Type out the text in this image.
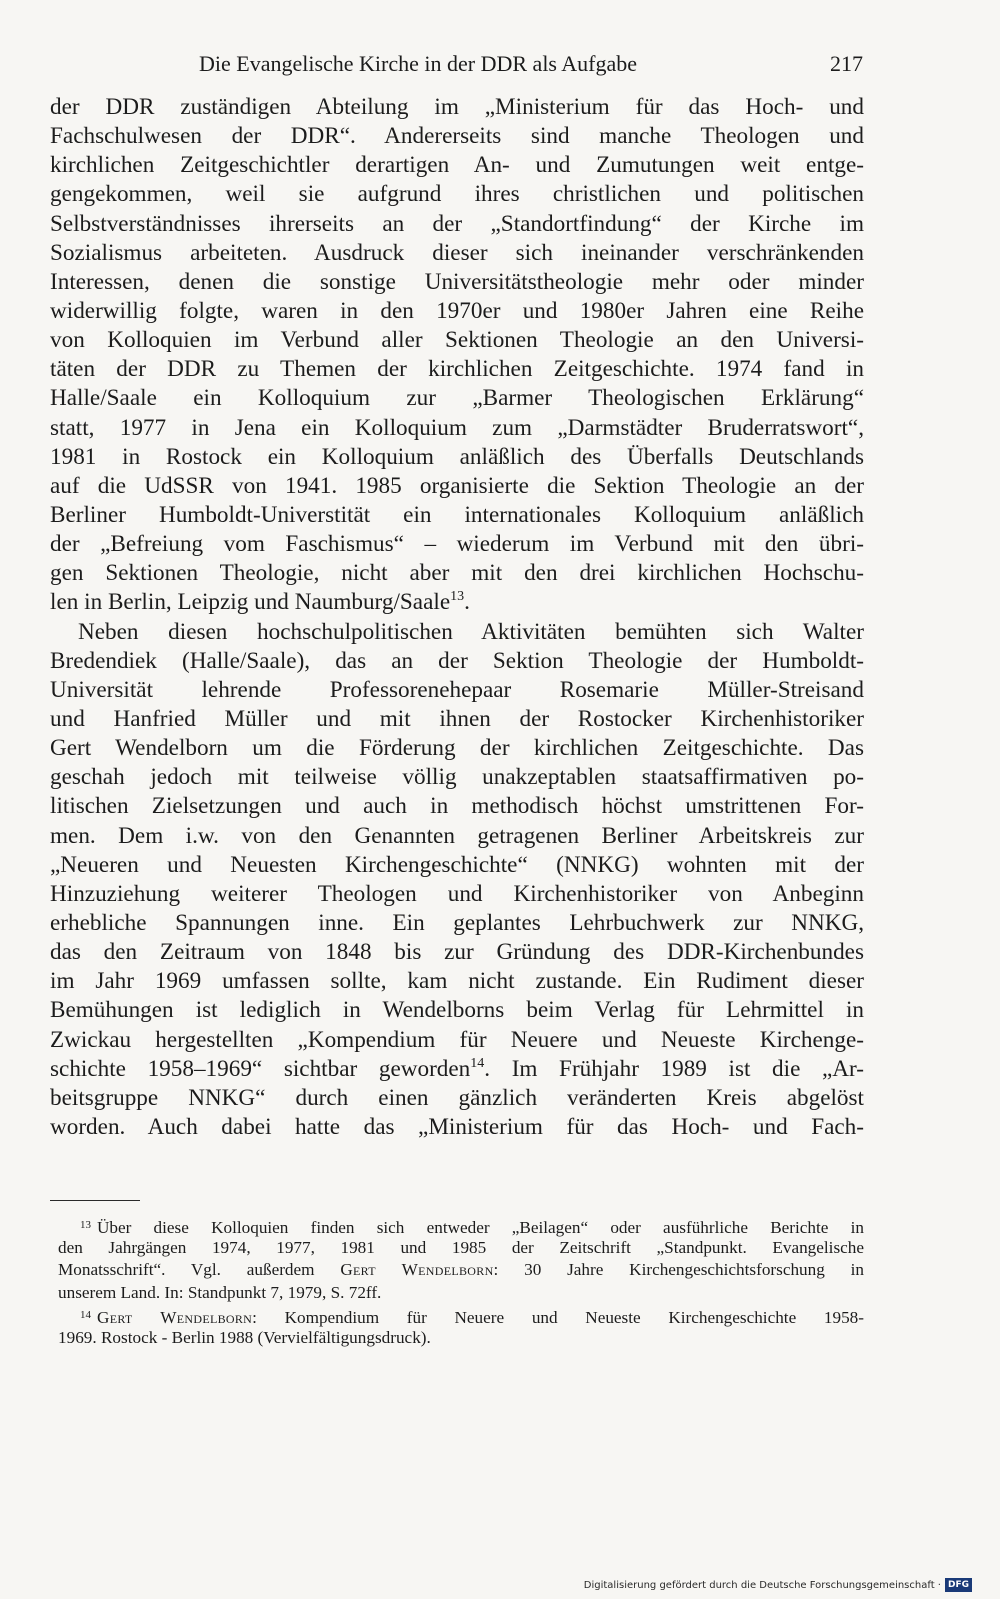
Die Evangelische Kirche in der DDR als Aufgabe	217
der DDR zuständigen Abteilung im „Ministerium für das Hoch- und
Fachschulwesen der DDR“. Andererseits sind manche Theologen und
kirchlichen Zeitgeschichtler derartigen An- und Zumutungen weit entge-
gengekommen, weil sie aufgrund ihres christlichen und politischen
Selbstverständnisses ihrerseits an der „Standortfindung“ der Kirche im
Sozialismus arbeiteten. Ausdruck dieser sich ineinander verschränkenden
Interessen, denen die sonstige Universitätstheologie mehr oder minder
widerwillig folgte, waren in den 1970er und 1980er Jahren eine Reihe
von Kolloquien im Verbund aller Sektionen Theologie an den Universi-
täten der DDR zu Themen der kirchlichen Zeitgeschichte. 1974 fand in
Halle/Saale ein Kolloquium zur „Barmer Theologischen Erklärung“
statt, 1977 in Jena ein Kolloquium zum „Darmstädter Bruderratswort“,
1981 in Rostock ein Kolloquium anläßlich des Überfalls Deutschlands
auf die UdSSR von 1941. 1985 organisierte die Sektion Theologie an der
Berliner Humboldt-Universtität ein internationales Kolloquium anläßlich
der „Befreiung vom Faschismus“ – wiederum im Verbund mit den übri-
gen Sektionen Theologie, nicht aber mit den drei kirchlichen Hochschu-
len in Berlin, Leipzig und Naumburg/Saale$^{13}$.
Neben diesen hochschulpolitischen Aktivitäten bemühten sich Walter
Bredendiek (Halle/Saale), das an der Sektion Theologie der Humboldt-
Universität lehrende Professorenehepaar Rosemarie Müller-Streisand
und Hanfried Müller und mit ihnen der Rostocker Kirchenhistoriker
Gert Wendelborn um die Förderung der kirchlichen Zeitgeschichte. Das
geschah jedoch mit teilweise völlig unakzeptablen staatsaffirmativen po-
litischen Zielsetzungen und auch in methodisch höchst umstrittenen For-
men. Dem i.w. von den Genannten getragenen Berliner Arbeitskreis zur
„Neueren und Neuesten Kirchengeschichte“ (NNKG) wohnten mit der
Hinzuziehung weiterer Theologen und Kirchenhistoriker von Anbeginn
erhebliche Spannungen inne. Ein geplantes Lehrbuchwerk zur NNKG,
das den Zeitraum von 1848 bis zur Gründung des DDR-Kirchenbundes
im Jahr 1969 umfassen sollte, kam nicht zustande. Ein Rudiment dieser
Bemühungen ist lediglich in Wendelborns beim Verlag für Lehrmittel in
Zwickau hergestellten „Kompendium für Neuere und Neueste Kirchenge-
schichte 1958–1969“ sichtbar geworden$^{14}$. Im Frühjahr 1989 ist die „Ar-
beitsgruppe NNKG“ durch einen gänzlich veränderten Kreis abgelöst
worden. Auch dabei hatte das „Ministerium für das Hoch- und Fach-
$^{13}$ Über diese Kolloquien finden sich entweder „Beilagen“ oder ausführliche Berichte in
den Jahrgängen 1974, 1977, 1981 und 1985 der Zeitschrift „Standpunkt. Evangelische
Monatsschrift“. Vgl. außerdem Gert Wendelborn: 30 Jahre Kirchengeschichtsforschung in
unserem Land. In: Standpunkt 7, 1979, S. 72ff.
$^{14}$ Gert Wendelborn: Kompendium für Neuere und Neueste Kirchengeschichte 1958-
1969. Rostock - Berlin 1988 (Vervielfältigungsdruck).
Digitalisierung gefördert durch die Deutsche Forschungsgemeinschaft · DFG
